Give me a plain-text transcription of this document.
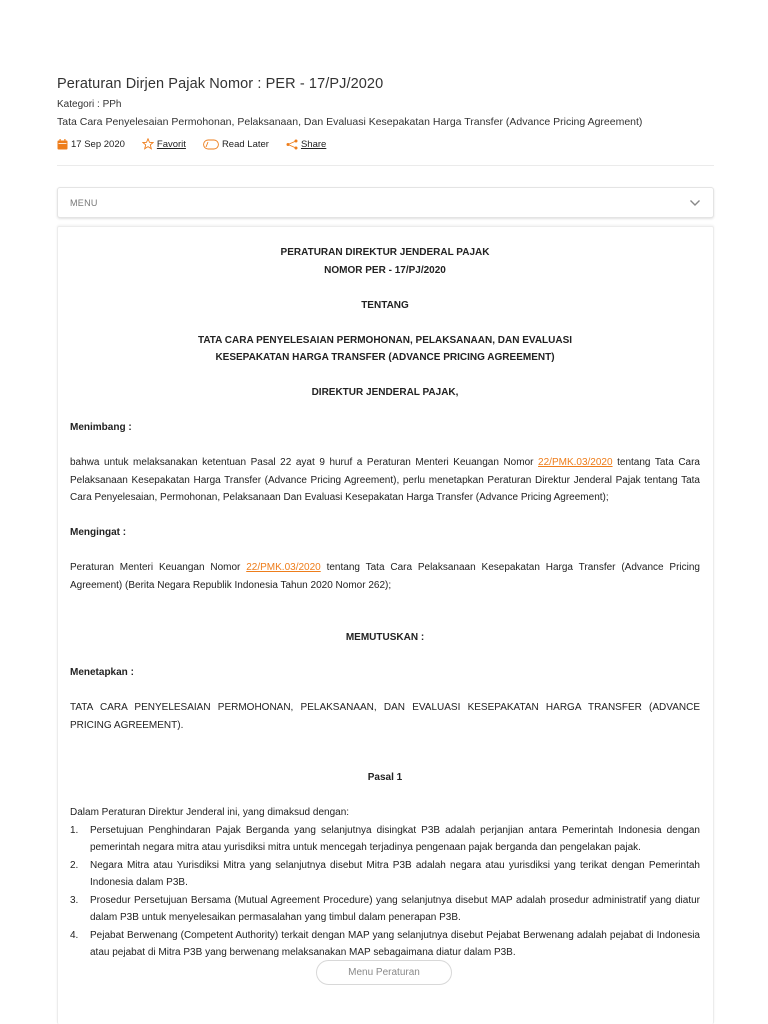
Peraturan Dirjen Pajak Nomor : PER - 17/PJ/2020
Kategori : PPh
Tata Cara Penyelesaian Permohonan, Pelaksanaan, Dan Evaluasi Kesepakatan Harga Transfer (Advance Pricing Agreement)
17 Sep 2020	Favorit	Read Later	Share
MENU
PERATURAN DIREKTUR JENDERAL PAJAK
NOMOR PER - 17/PJ/2020
TENTANG
TATA CARA PENYELESAIAN PERMOHONAN, PELAKSANAAN, DAN EVALUASI
KESEPAKATAN HARGA TRANSFER (ADVANCE PRICING AGREEMENT)
DIREKTUR JENDERAL PAJAK,
Menimbang :
bahwa untuk melaksanakan ketentuan Pasal 22 ayat 9 huruf a Peraturan Menteri Keuangan Nomor 22/PMK.03/2020 tentang Tata Cara Pelaksanaan Kesepakatan Harga Transfer (Advance Pricing Agreement), perlu menetapkan Peraturan Direktur Jenderal Pajak tentang Tata Cara Penyelesaian, Permohonan, Pelaksanaan Dan Evaluasi Kesepakatan Harga Transfer (Advance Pricing Agreement);
Mengingat :
Peraturan Menteri Keuangan Nomor 22/PMK.03/2020 tentang Tata Cara Pelaksanaan Kesepakatan Harga Transfer (Advance Pricing Agreement) (Berita Negara Republik Indonesia Tahun 2020 Nomor 262);
MEMUTUSKAN :
Menetapkan :
TATA CARA PENYELESAIAN PERMOHONAN, PELAKSANAAN, DAN EVALUASI KESEPAKATAN HARGA TRANSFER (ADVANCE PRICING AGREEMENT).
Pasal 1
Dalam Peraturan Direktur Jenderal ini, yang dimaksud dengan:
1. Persetujuan Penghindaran Pajak Berganda yang selanjutnya disingkat P3B adalah perjanjian antara Pemerintah Indonesia dengan pemerintah negara mitra atau yurisdiksi mitra untuk mencegah terjadinya pengenaan pajak berganda dan pengelakan pajak.
2. Negara Mitra atau Yurisdiksi Mitra yang selanjutnya disebut Mitra P3B adalah negara atau yurisdiksi yang terikat dengan Pemerintah Indonesia dalam P3B.
3. Prosedur Persetujuan Bersama (Mutual Agreement Procedure) yang selanjutnya disebut MAP adalah prosedur administratif yang diatur dalam P3B untuk menyelesaikan permasalahan yang timbul dalam penerapan P3B.
4. Pejabat Berwenang (Competent Authority) terkait dengan MAP yang selanjutnya disebut Pejabat Berwenang adalah pejabat di Indonesia atau pejabat di Mitra P3B yang berwenang melaksanakan MAP sebagaimana diatur dalam P3B.
Menu Peraturan
